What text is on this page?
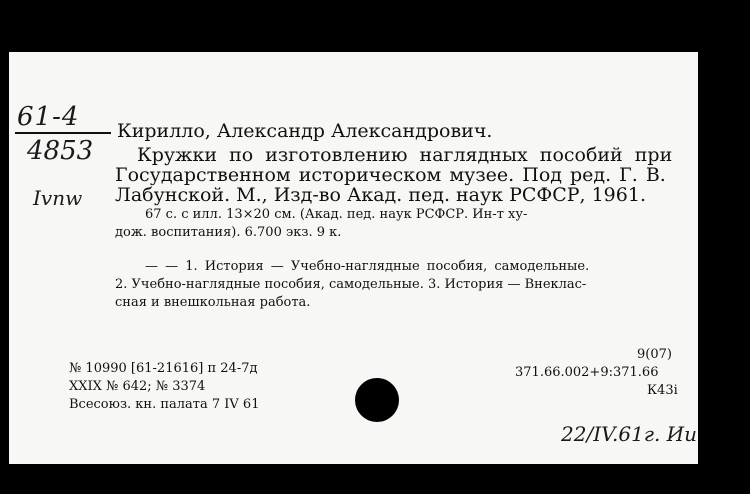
61-4
4853
Ivnw
Кирилло, Александр Александрович.
Кружки по изготовлению наглядных пособий при
Государственном историческом музее. Под ред. Г. В.
Лабунской. М., Изд-во Акад. пед. наук РСФСР, 1961.
67 с. с илл. 13×20 см. (Акад. пед. наук РСФСР. Ин-т ху-
дож. воспитания). 6.700 экз. 9 к.
— — 1. История — Учебно-наглядные пособия, самодельные.
2. Учебно-наглядные пособия, самодельные. 3. История — Внеклас-
сная и внешкольная работа.
№ 10990 [61-21616] п 24-7д
XXIX № 642; № 3374
Всесоюз. кн. палата 7 IV 61
9(07)
371.66.002+9:371.66
К43і
22/IV.61г. Ии
